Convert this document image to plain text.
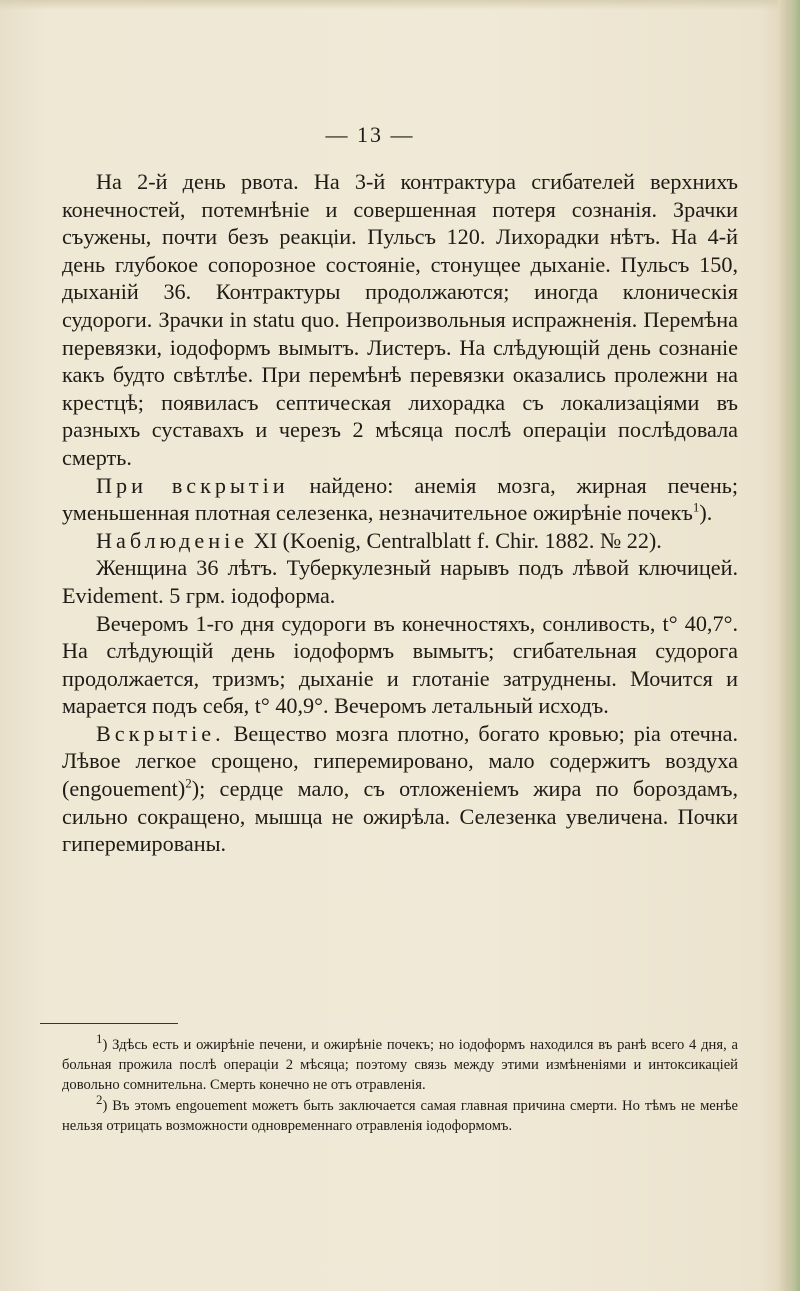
— 13 —

На 2-й день рвота. На 3-й контрактура сгибателей верхнихъ конечностей, потемнѣніе и совершенная потеря сознанія. Зрачки съужены, почти безъ реакціи. Пульсъ 120. Лихорадки нѣтъ. На 4-й день глубокое сопорозное состояніе, стонущее дыханіе. Пульсъ 150, дыханій 36. Контрактуры продолжаются; иногда клоническія судороги. Зрачки in statu quo. Непроизвольныя испражненія. Перемѣна перевязки, іодоформъ вымытъ. Листеръ. На слѣдующій день сознаніе какъ будто свѣтлѣе. При перемѣнѣ перевязки оказались пролежни на крестцѣ; появиласъ септическая лихорадка съ локализаціями въ разныхъ суставахъ и черезъ 2 мѣсяца послѣ операціи послѣдовала смерть.

При вскрытіи найдено: анемія мозга, жирная печень; уменьшенная плотная селезенка, незначительное ожирѣніе почекъ$^1$).

Наблюденіе XI (Koenig, Centralblatt f. Chir. 1882. № 22).

Женщина 36 лѣтъ. Туберкулезный нарывъ подъ лѣвой ключицей. Evidement. 5 грм. іодоформа.

Вечеромъ 1-го дня судороги въ конечностяхъ, сонливость, t° 40,7°. На слѣдующій день іодоформъ вымытъ; сгибательная судорога продолжается, тризмъ; дыханіе и глотаніе затруднены. Мочится и марается подъ себя, t° 40,9°. Вечеромъ летальный исходъ.

Вскрытіе. Вещество мозга плотно, богато кровью; pia отечна. Лѣвое легкое срощено, гиперемировано, мало содержитъ воздуха (engouement)$^2$); сердце мало, съ отложеніемъ жира по бороздамъ, сильно сокращено, мышца не ожирѣла. Селезенка увеличена. Почки гиперемированы.

$^1$) Здѣсь есть и ожирѣніе печени, и ожирѣніе почекъ; но іодоформъ находился въ ранѣ всего 4 дня, а больная прожила послѣ операціи 2 мѣсяца; поэтому связь между этими измѣненіями и интоксикаціей довольно сомнительна. Смерть конечно не отъ отравленія.

$^2$) Въ этомъ engouement можетъ быть заключается самая главная причина смерти. Но тѣмъ не менѣе нельзя отрицать возможности одновременнаго отравленія іодоформомъ.
